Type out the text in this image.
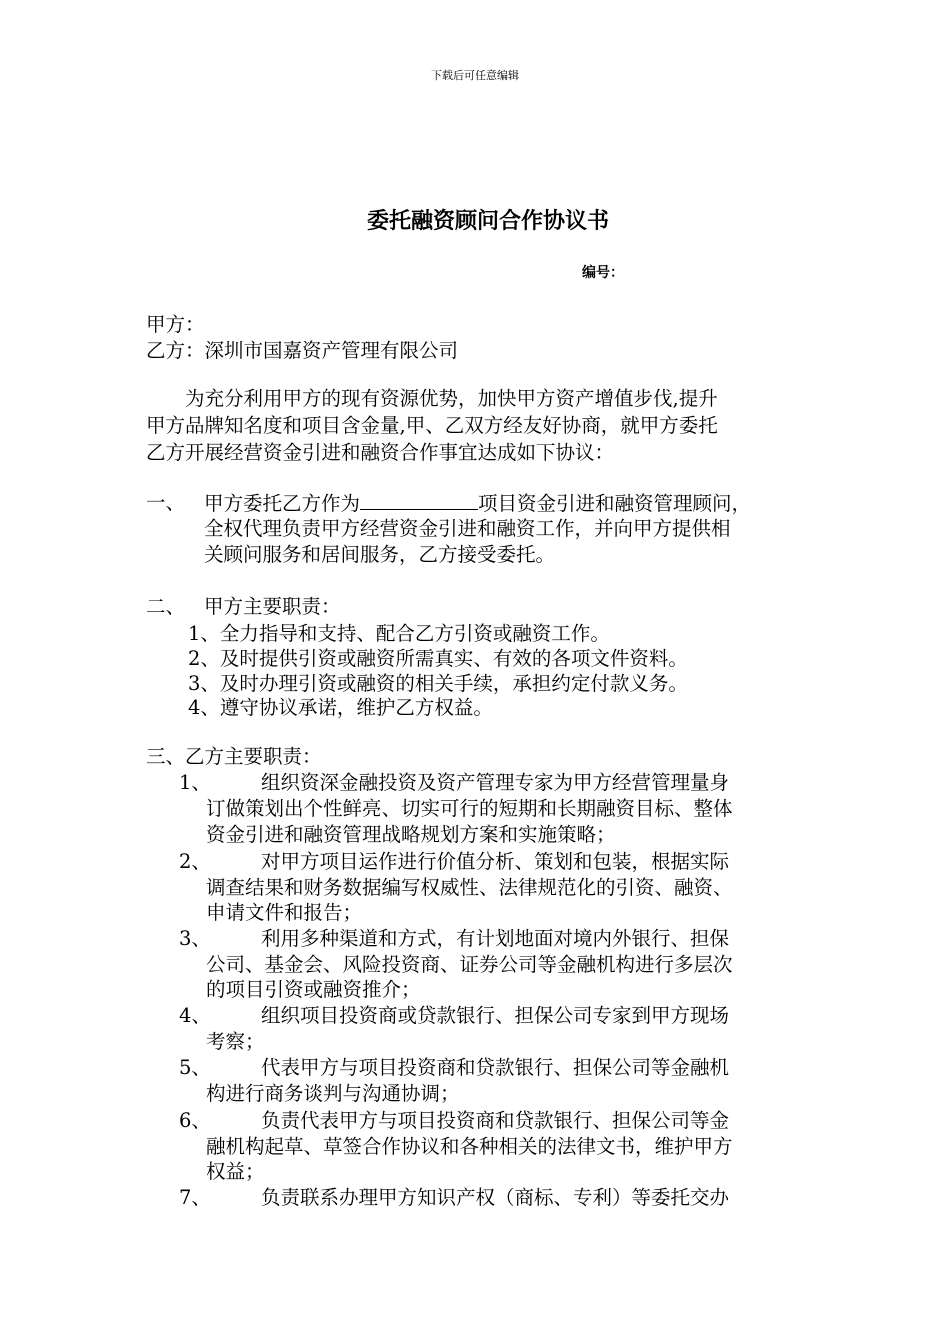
下载后可任意编辑
委托融资顾问合作协议书
编号：
甲方：
乙方：深圳市国嘉资产管理有限公司
为充分利用甲方的现有资源优势，加快甲方资产增值步伐,提升
甲方品牌知名度和项目含金量,甲、乙双方经友好协商，就甲方委托
乙方开展经营资金引进和融资合作事宜达成如下协议：
一、 甲方委托乙方作为	项目资金引进和融资管理顾问，
全权代理负责甲方经营资金引进和融资工作，并向甲方提供相
关顾问服务和居间服务，乙方接受委托。
二、 甲方主要职责：
1、全力指导和支持、配合乙方引资或融资工作。
2、及时提供引资或融资所需真实、有效的各项文件资料。
3、及时办理引资或融资的相关手续，承担约定付款义务。
4、遵守协议承诺，维护乙方权益。
三、乙方主要职责：
1、	组织资深金融投资及资产管理专家为甲方经营管理量身
订做策划出个性鲜亮、切实可行的短期和长期融资目标、整体
资金引进和融资管理战略规划方案和实施策略；
2、	对甲方项目运作进行价值分析、策划和包装，根据实际
调查结果和财务数据编写权威性、法律规范化的引资、融资、
申请文件和报告；
3、	利用多种渠道和方式，有计划地面对境内外银行、担保
公司、基金会、风险投资商、证券公司等金融机构进行多层次
的项目引资或融资推介；
4、	组织项目投资商或贷款银行、担保公司专家到甲方现场
考察；
5、	代表甲方与项目投资商和贷款银行、担保公司等金融机
构进行商务谈判与沟通协调；
6、	负责代表甲方与项目投资商和贷款银行、担保公司等金
融机构起草、草签合作协议和各种相关的法律文书，维护甲方
权益；
7、	负责联系办理甲方知识产权（商标、专利）等委托交办
